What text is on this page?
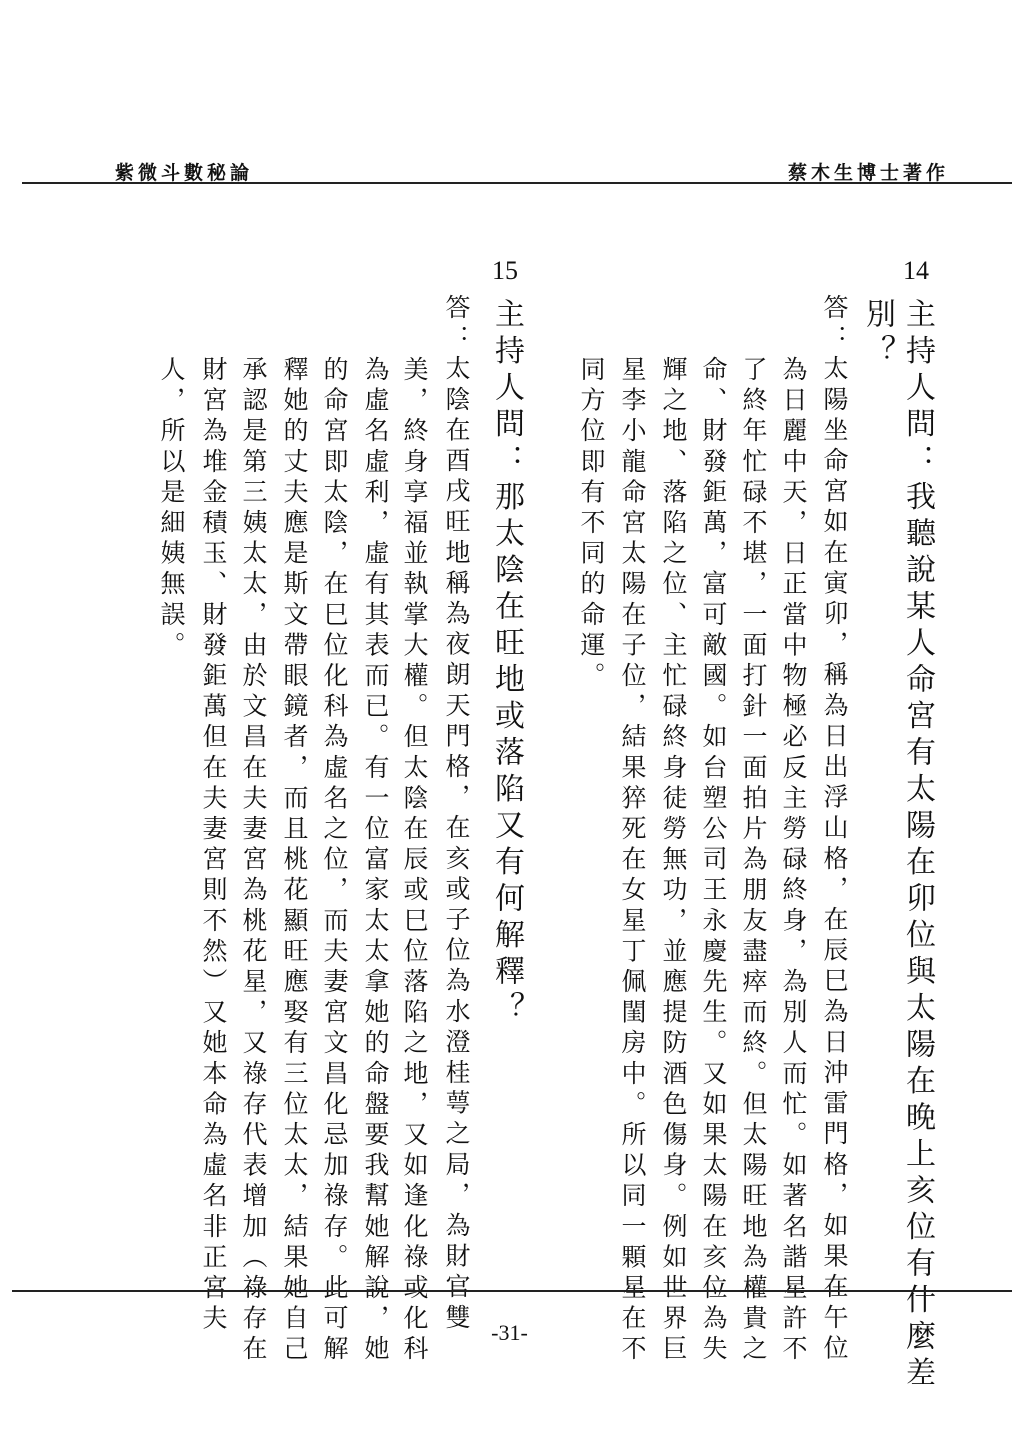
紫微斗數秘論	蔡木生博士著作
14
主持人問：我聽說某人命宮有太陽在卯位與太陽在晚上亥位有什麼差
別？
答：太陽坐命宮如在寅卯，稱為日出浮山格，在辰巳為日沖雷門格，如果在午位
為日麗中天，日正當中物極必反主勞碌終身，為別人而忙。如著名諧星許不
了終年忙碌不堪，一面打針一面拍片為朋友盡瘁而終。但太陽旺地為權貴之
命、財發鉅萬，富可敵國。如台塑公司王永慶先生。又如果太陽在亥位為失
輝之地、落陷之位、主忙碌終身徒勞無功，並應提防酒色傷身。例如世界巨
星李小龍命宮太陽在子位，結果猝死在女星丁佩閨房中。所以同一顆星在不
同方位即有不同的命運。
15
主持人問：那太陰在旺地或落陷又有何解釋？
答：太陰在酉戌旺地稱為夜朗天門格，在亥或子位為水澄桂萼之局，為財官雙
美，終身享福並執掌大權。但太陰在辰或巳位落陷之地，又如逢化祿或化科
為虛名虛利，虛有其表而已。有一位富家太太拿她的命盤要我幫她解說，她
的命宮即太陰，在巳位化科為虛名之位，而夫妻宮文昌化忌加祿存。此可解
釋她的丈夫應是斯文帶眼鏡者，而且桃花顯旺應娶有三位太太，結果她自己
承認是第三姨太太，由於文昌在夫妻宮為桃花星，又祿存代表增加（祿存在
財宮為堆金積玉、財發鉅萬但在夫妻宮則不然）又她本命為虛名非正宮夫
人，所以是細姨無誤。
-31-
